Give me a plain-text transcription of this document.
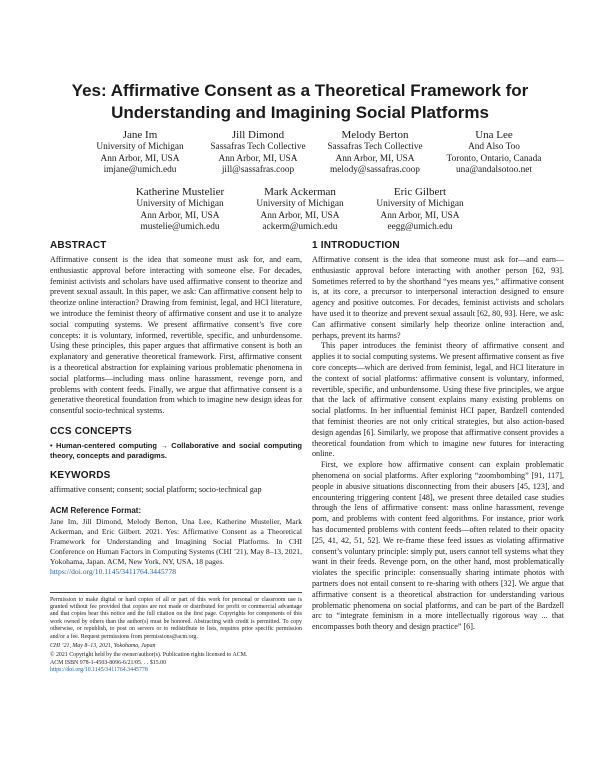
Yes: Affirmative Consent as a Theoretical Framework for
Understanding and Imagining Social Platforms
Jane Im
University of Michigan
Ann Arbor, MI, USA
imjane@umich.edu
Jill Dimond
Sassafras Tech Collective
Ann Arbor, MI, USA
jill@sassafras.coop
Melody Berton
Sassafras Tech Collective
Ann Arbor, MI, USA
melody@sassafras.coop
Una Lee
And Also Too
Toronto, Ontario, Canada
una@andalsotoo.net
Katherine Mustelier
University of Michigan
Ann Arbor, MI, USA
mustelie@umich.edu
Mark Ackerman
University of Michigan
Ann Arbor, MI, USA
ackerm@umich.edu
Eric Gilbert
University of Michigan
Ann Arbor, MI, USA
eegg@umich.edu
ABSTRACT

Affirmative consent is the idea that someone must ask for, and earn, enthusiastic approval before interacting with someone else. For decades, feminist activists and scholars have used affirmative consent to theorize and prevent sexual assault. In this paper, we ask: Can affirmative consent help to theorize online interaction? Drawing from feminist, legal, and HCI literature, we introduce the feminist theory of affirmative consent and use it to analyze social computing systems. We present affirmative consent’s five core concepts: it is voluntary, informed, revertible, specific, and unburdensome. Using these principles, this paper argues that affirmative consent is both an explanatory and generative theoretical framework. First, affirmative consent is a theoretical abstraction for explaining various problematic phenomena in social platforms—including mass online harassment, revenge porn, and problems with content feeds. Finally, we argue that affirmative consent is a generative theoretical foundation from which to imagine new design ideas for consentful socio-technical systems.

CCS CONCEPTS

• Human-centered computing → Collaborative and social computing theory, concepts and paradigms.

KEYWORDS

affirmative consent; consent; social platform; socio-technical gap

ACM Reference Format:

Jane Im, Jill Dimond, Melody Berton, Una Lee, Katherine Mustelier, Mark Ackerman, and Eric Gilbert. 2021. Yes: Affirmative Consent as a Theoretical Framework for Understanding and Imagining Social Platforms. In CHI Conference on Human Factors in Computing Systems (CHI ’21), May 8–13, 2021, Yokohama, Japan. ACM, New York, NY, USA, 18 pages.

https://doi.org/10.1145/3411764.3445778
Permission to make digital or hard copies of all or part of this work for personal or classroom use is granted without fee provided that copies are not made or distributed for profit or commercial advantage and that copies bear this notice and the full citation on the first page. Copyrights for components of this work owned by others than the author(s) must be honored. Abstracting with credit is permitted. To copy otherwise, or republish, to post on servers or to redistribute to lists, requires prior specific permission and/or a fee. Request permissions from permissions@acm.org.
CHI ’21, May 8–13, 2021, Yokohama, Japan
© 2021 Copyright held by the owner/author(s). Publication rights licensed to ACM.
ACM ISBN 978-1-4503-8096-6/21/05. . . $15.00
https://doi.org/10.1145/3411764.3445778
1 INTRODUCTION

Affirmative consent is the idea that someone must ask for—and earn—enthusiastic approval before interacting with another person [62, 93]. Sometimes referred to by the shorthand “yes means yes,” affirmative consent is, at its core, a precursor to interpersonal interaction designed to ensure agency and positive outcomes. For decades, feminist activists and scholars have used it to theorize and prevent sexual assault [62, 80, 93]. Here, we ask: Can affirmative consent similarly help theorize online interaction and, perhaps, prevent its harms?

This paper introduces the feminist theory of affirmative consent and applies it to social computing systems. We present affirmative consent as five core concepts—which are derived from feminist, legal, and HCI literature in the context of social platforms: affirmative consent is voluntary, informed, revertible, specific, and unburdensome. Using these five principles, we argue that the lack of affirmative consent explains many existing problems on social platforms. In her influential feminist HCI paper, Bardzell contended that feminist theories are not only critical strategies, but also action-based design agendas [6]. Similarly, we propose that affirmative consent provides a theoretical foundation from which to imagine new futures for interacting online.

First, we explore how affirmative consent can explain problematic phenomena on social platforms. After exploring “zoombombing” [91, 117], people in abusive situations disconnecting from their abusers [45, 123], and encountering triggering content [48], we present three detailed case studies through the lens of affirmative consent: mass online harassment, revenge porn, and problems with content feed algorithms. For instance, prior work has documented problems with content feeds—often related to their opacity [25, 41, 42, 51, 52]. We re-frame these feed issues as violating affirmative consent’s voluntary principle: simply put, users cannot tell systems what they want in their feeds. Revenge porn, on the other hand, most problematically violates the specific principle: consensually sharing intimate photos with partners does not entail consent to re-sharing with others [32]. We argue that affirmative consent is a theoretical abstraction for understanding various problematic phenomena on social platforms, and can be part of the Bardzell arc to “integrate feminism in a more intellectually rigorous way ... that encompasses both theory and design practice” [6].
